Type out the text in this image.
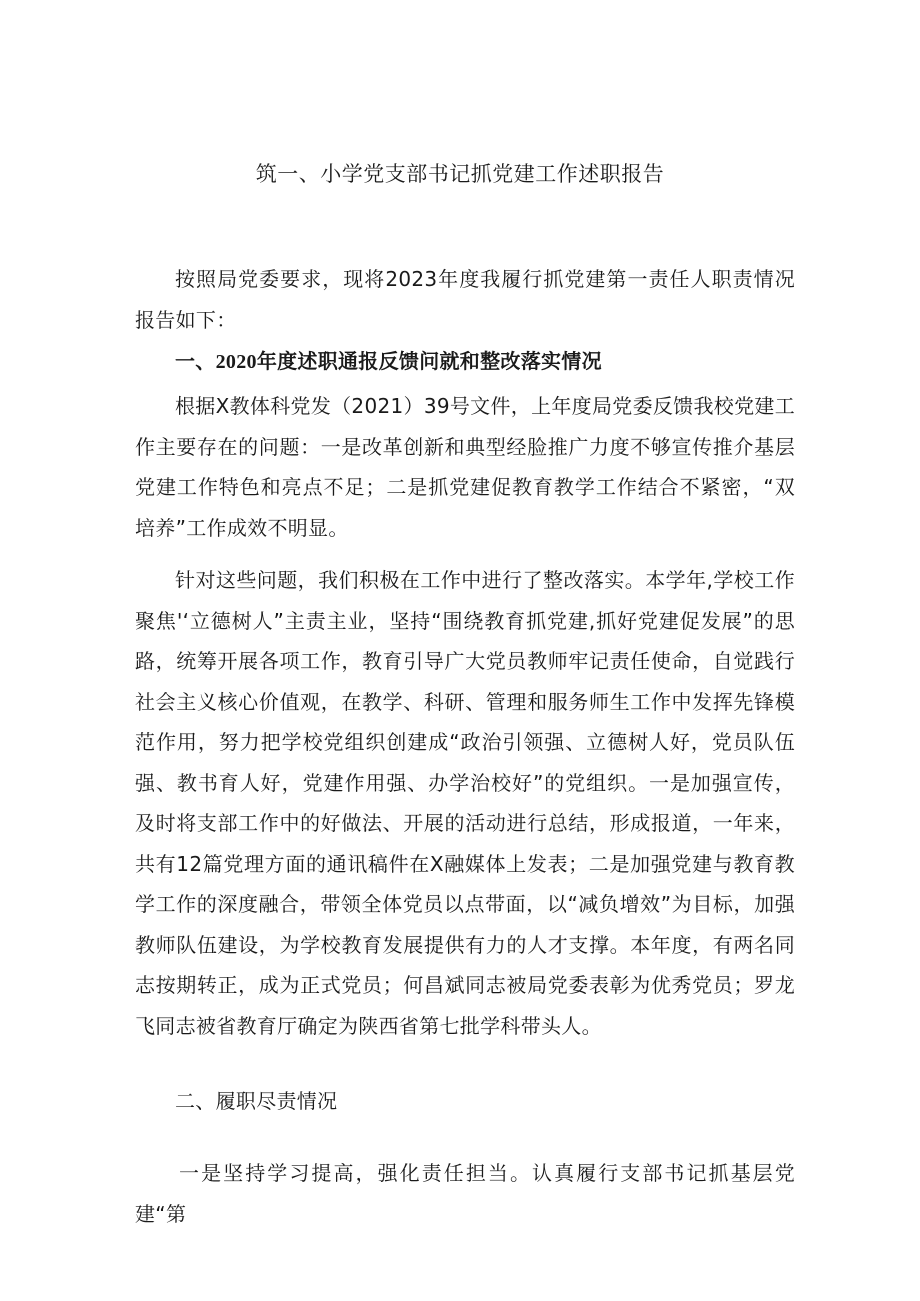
筑一、小学党支部书记抓党建工作述职报告

按照局党委要求，现将2023年度我履行抓党建第一责任人职责情况报告如下：

一、2020年度述职通报反馈问就和整改落实情况

根据X教体科党发（2021）39号文件，上年度局党委反馈我校党建工作主要存在的问题：一是改革创新和典型经脸推广力度不够宣传推介基层党建工作特色和亮点不足；二是抓党建促教育教学工作结合不紧密，“双培养”工作成效不明显。

针对这些问题，我们积极在工作中进行了整改落实。本学年,学校工作聚焦'‘立德树人”主责主业，坚持“围绕教育抓党建,抓好党建促发展”的思路，统筹开展各项工作，教育引导广大党员教师牢记责任使命，自觉践行社会主义核心价值观，在教学、科研、管理和服务师生工作中发挥先锋模范作用，努力把学校党组织创建成“政治引领强、立德树人好，党员队伍强、教书育人好，党建作用强、办学治校好”的党组织。一是加强宣传，及时将支部工作中的好做法、开展的活动进行总结，形成报道，一年来，共有12篇党理方面的通讯稿件在X融媒体上发表；二是加强党建与教育教学工作的深度融合，带领全体党员以点带面，以“减负增效”为目标，加强教师队伍建设，为学校教育发展提供有力的人才支撑。本年度，有两名同志按期转正，成为正式党员；何昌斌同志被局党委表彰为优秀党员；罗龙飞同志被省教育厅确定为陕西省第七批学科带头人。

二、履职尽责情况

一是坚持学习提高，强化责任担当。认真履行支部书记抓基层党建“第
